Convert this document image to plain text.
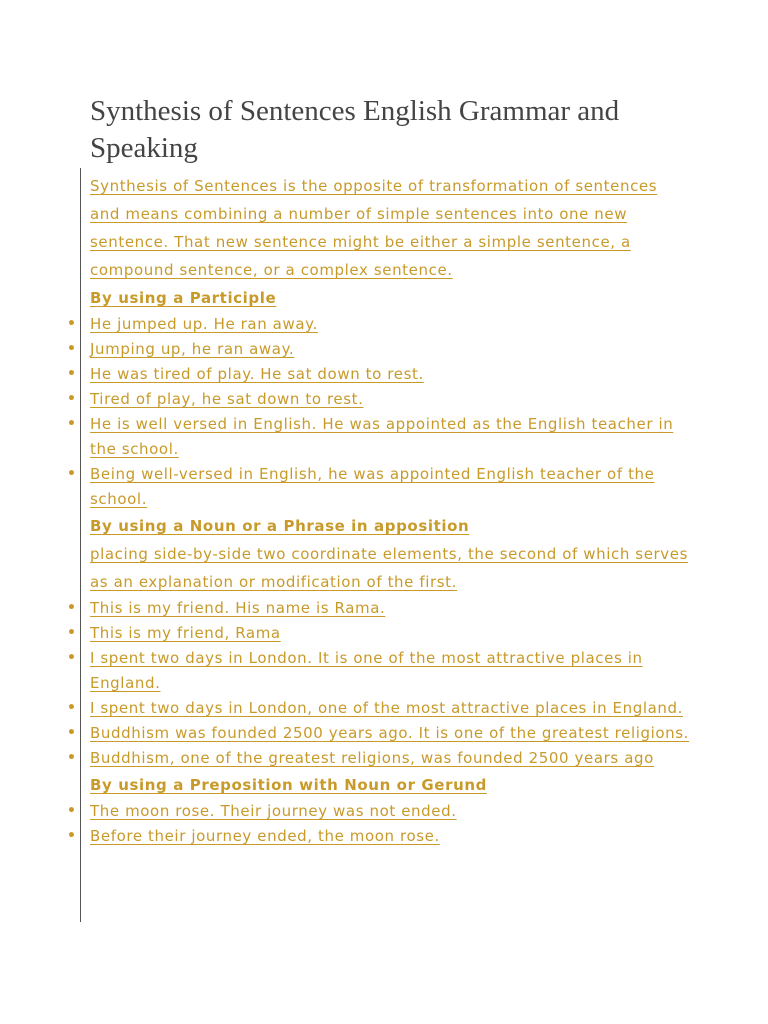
Synthesis of Sentences English Grammar and Speaking

Synthesis of Sentences is the opposite of transformation of sentences and means combining a number of simple sentences into one new sentence. That new sentence might be either a simple sentence, a compound sentence, or a complex sentence.

By using a Participle

• He jumped up. He ran away.
• Jumping up, he ran away.
• He was tired of play. He sat down to rest.
• Tired of play, he sat down to rest.
• He is well versed in English. He was appointed as the English teacher in the school.
• Being well-versed in English, he was appointed English teacher of the school.

By using a Noun or a Phrase in apposition

placing side-by-side two coordinate elements, the second of which serves as an explanation or modification of the first.

• This is my friend. His name is Rama.
• This is my friend, Rama
• I spent two days in London. It is one of the most attractive places in England.
• I spent two days in London, one of the most attractive places in England.
• Buddhism was founded 2500 years ago. It is one of the greatest religions.
• Buddhism, one of the greatest religions, was founded 2500 years ago

By using a Preposition with Noun or Gerund

• The moon rose. Their journey was not ended.
• Before their journey ended, the moon rose.
